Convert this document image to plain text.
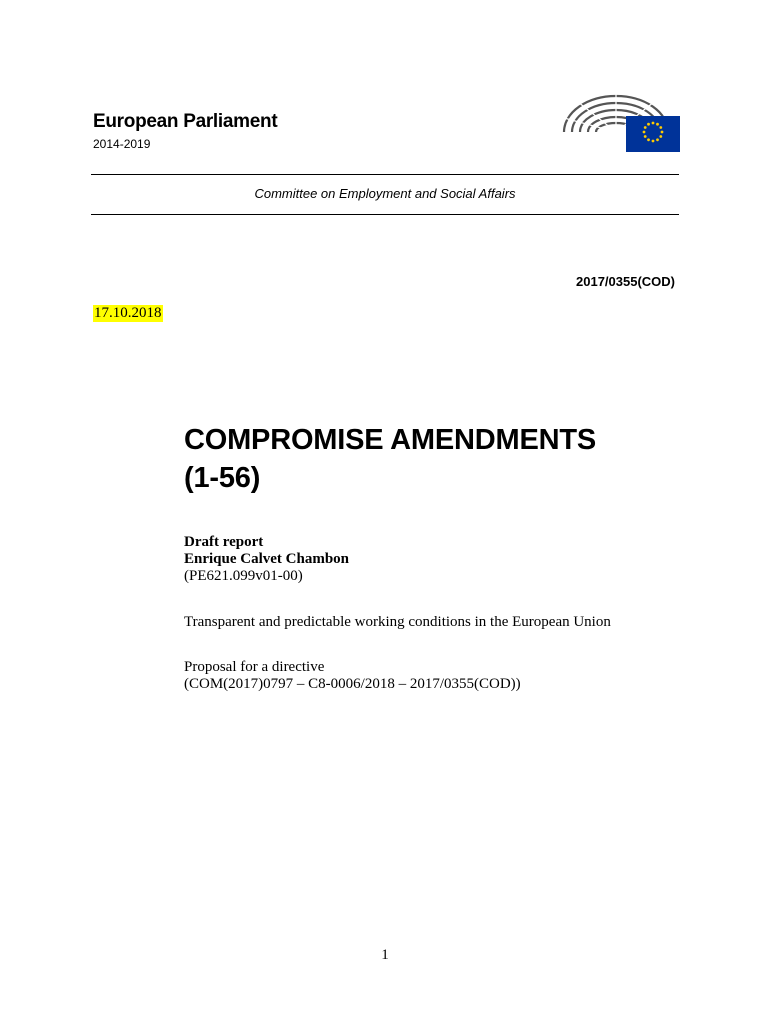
European Parliament
2014-2019
Committee on Employment and Social Affairs
2017/0355(COD)
17.10.2018
COMPROMISE AMENDMENTS
(1-56)
Draft report
Enrique Calvet Chambon
(PE621.099v01-00)
Transparent and predictable working conditions in the European Union
Proposal for a directive
(COM(2017)0797 – C8-0006/2018 – 2017/0355(COD))
1
